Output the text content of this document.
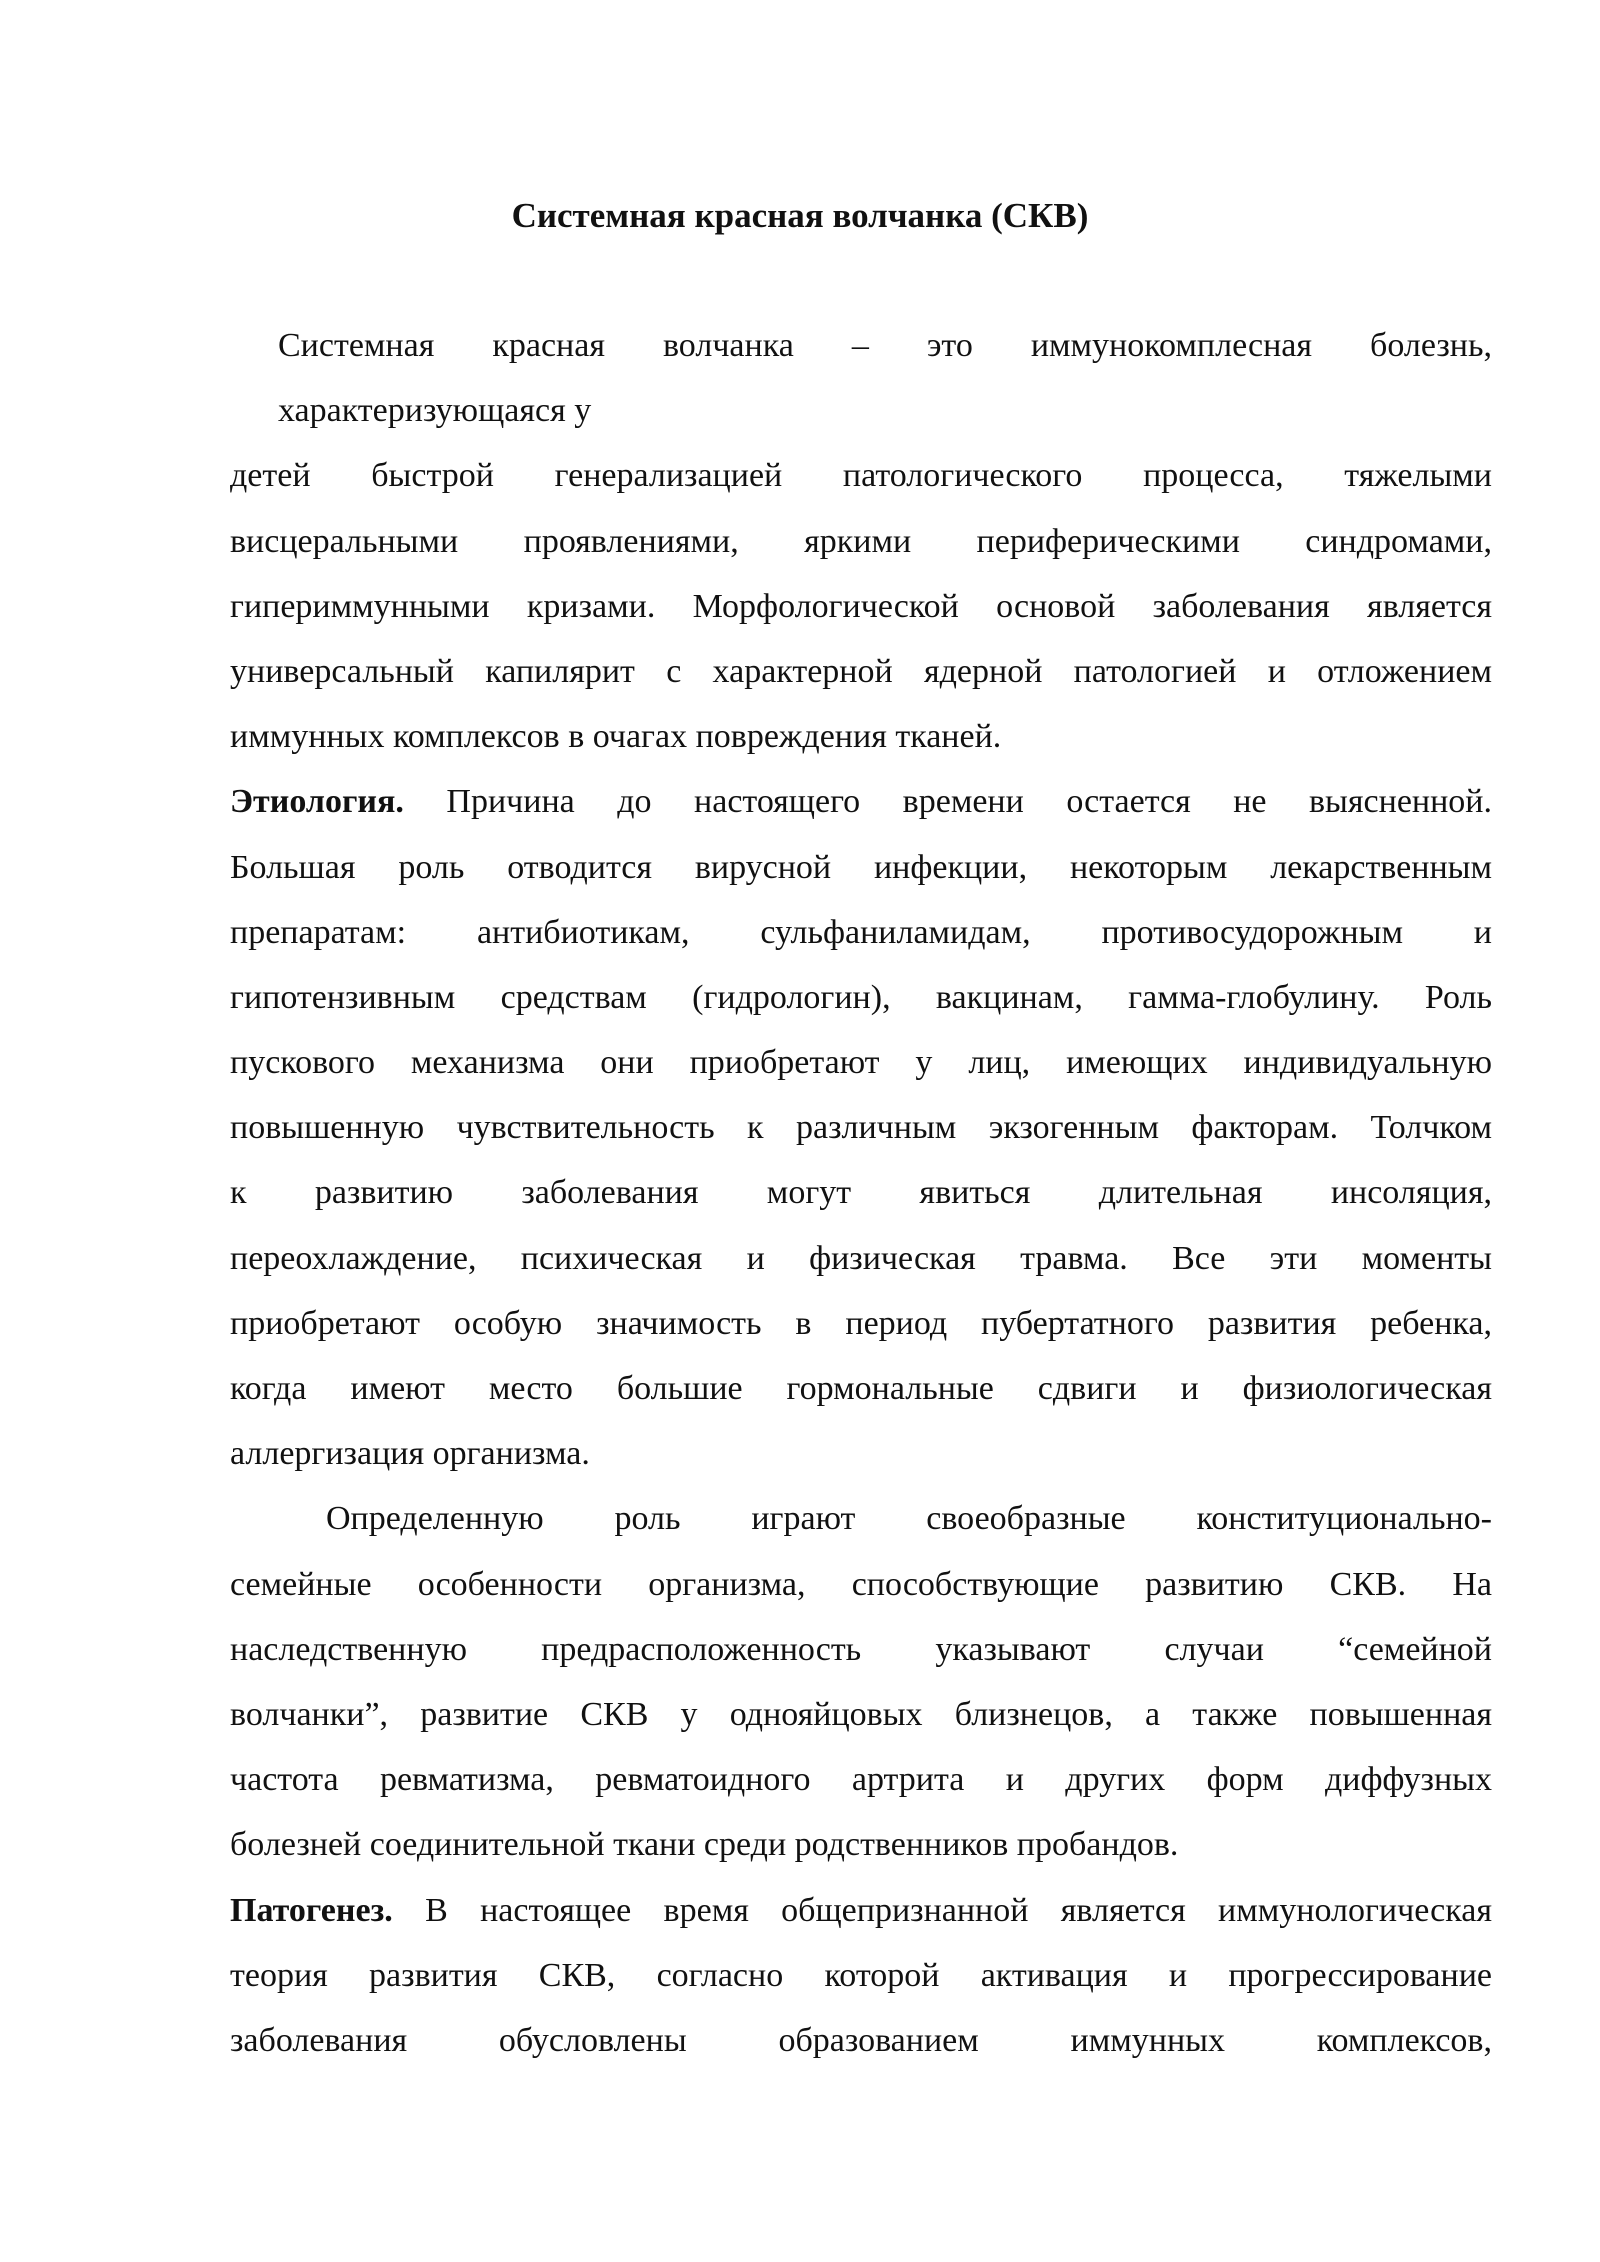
Системная красная волчанка (СКВ)
Системная красная волчанка – это иммунокомплесная болезнь,
характеризующаяся у
детей быстрой генерализацией патологического процесса, тяжелыми
висцеральными проявлениями, яркими периферическими синдромами,
гипериммунными кризами. Морфологической основой заболевания является
универсальный капилярит с характерной ядерной патологией и отложением
иммунных комплексов в очагах повреждения тканей.
Этиология. Причина до настоящего времени остается не выясненной.
Большая роль отводится вирусной инфекции, некоторым лекарственным
препаратам: антибиотикам, сульфаниламидам, противосудорожным и
гипотензивным средствам (гидрологин), вакцинам, гамма-глобулину. Роль
пускового механизма они приобретают у лиц, имеющих индивидуальную
повышенную чувствительность к различным экзогенным факторам. Толчком
к развитию заболевания могут явиться длительная инсоляция,
переохлаждение, психическая и физическая травма. Все эти моменты
приобретают особую значимость в период пубертатного развития ребенка,
когда имеют место большие гормональные сдвиги и физиологическая
аллергизация организма.
Определенную роль играют своеобразные конституционально-
семейные особенности организма, способствующие развитию СКВ. На
наследственную предрасположенность указывают случаи “семейной
волчанки”, развитие СКВ у однояйцовых близнецов, а также повышенная
частота ревматизма, ревматоидного артрита и других форм диффузных
болезней соединительной ткани среди родственников пробандов.
Патогенез. В настоящее время общепризнанной является иммунологическая
теория развития СКВ, согласно которой активация и прогрессирование
заболевания обусловлены образованием иммунных комплексов,
